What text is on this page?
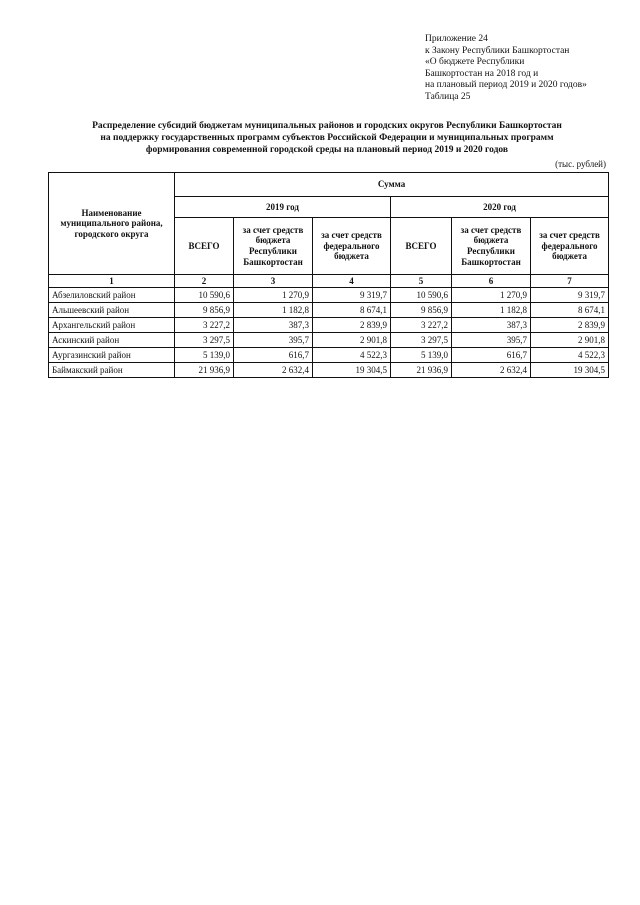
Приложение 24
к Закону Республики Башкортостан
«О бюджете Республики
Башкортостан на 2018 год и
на плановый период 2019 и 2020 годов»
Таблица 25
Распределение субсидий бюджетам муниципальных районов и городских округов Республики Башкортостан
на поддержку государственных программ субъектов Российской Федерации и муниципальных программ
формирования современной городской среды на плановый период 2019 и 2020 годов
(тыс. рублей)
Наименование муниципального района, городского округа	Сумма					
	2019 год			2020 год		
	ВСЕГО	за счет средств бюджета Республики Башкортостан	за счет средств федерального бюджета	ВСЕГО	за счет средств бюджета Республики Башкортостан	за счет средств федерального бюджета
1	2	3	4	5	6	7
Абзелиловский район	10 590,6	1 270,9	9 319,7	10 590,6	1 270,9	9 319,7
Альшеевский район	9 856,9	1 182,8	8 674,1	9 856,9	1 182,8	8 674,1
Архангельский район	3 227,2	387,3	2 839,9	3 227,2	387,3	2 839,9
Аскинский район	3 297,5	395,7	2 901,8	3 297,5	395,7	2 901,8
Аургазинский район	5 139,0	616,7	4 522,3	5 139,0	616,7	4 522,3
Баймакский район	21 936,9	2 632,4	19 304,5	21 936,9	2 632,4	19 304,5
